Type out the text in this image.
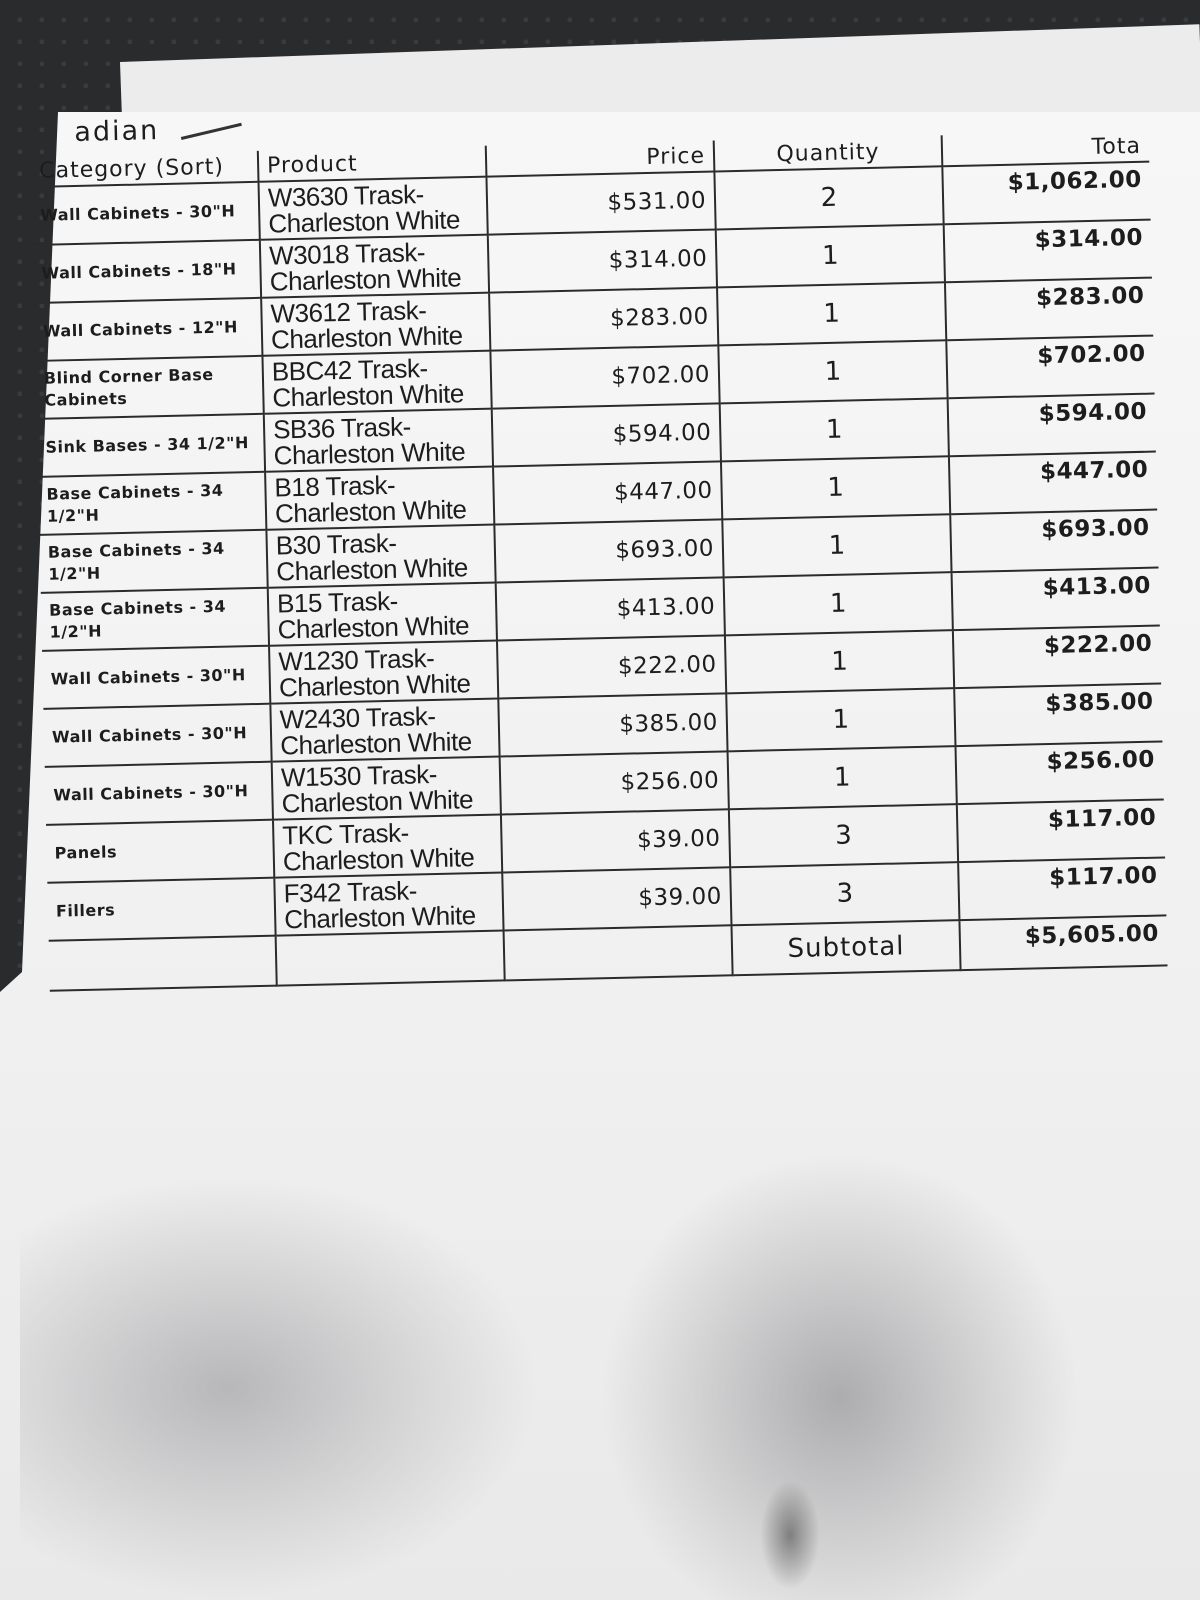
adian
Category (Sort)	Product	Price	Quantity	Tota
Wall Cabinets - 30"H	W3630 Trask-
Charleston White	$531.00	2	$1,062.00
Wall Cabinets - 18"H	W3018 Trask-
Charleston White	$314.00	1	$314.00
Wall Cabinets - 12"H	W3612 Trask-
Charleston White	$283.00	1	$283.00
Blind Corner Base Cabinets	BBC42 Trask-
Charleston White	$702.00	1	$702.00
Sink Bases - 34 1/2"H	SB36 Trask-
Charleston White	$594.00	1	$594.00
Base Cabinets - 34 1/2"H	B18 Trask-
Charleston White	$447.00	1	$447.00
Base Cabinets - 34 1/2"H	B30 Trask-
Charleston White	$693.00	1	$693.00
Base Cabinets - 34 1/2"H	B15 Trask-
Charleston White	$413.00	1	$413.00
Wall Cabinets - 30"H	W1230 Trask-
Charleston White	$222.00	1	$222.00
Wall Cabinets - 30"H	W2430 Trask-
Charleston White	$385.00	1	$385.00
Wall Cabinets - 30"H	W1530 Trask-
Charleston White	$256.00	1	$256.00
Panels	TKC Trask-
Charleston White	$39.00	3	$117.00
Fillers	F342 Trask-
Charleston White	$39.00	3	$117.00
			Subtotal	$5,605.00
